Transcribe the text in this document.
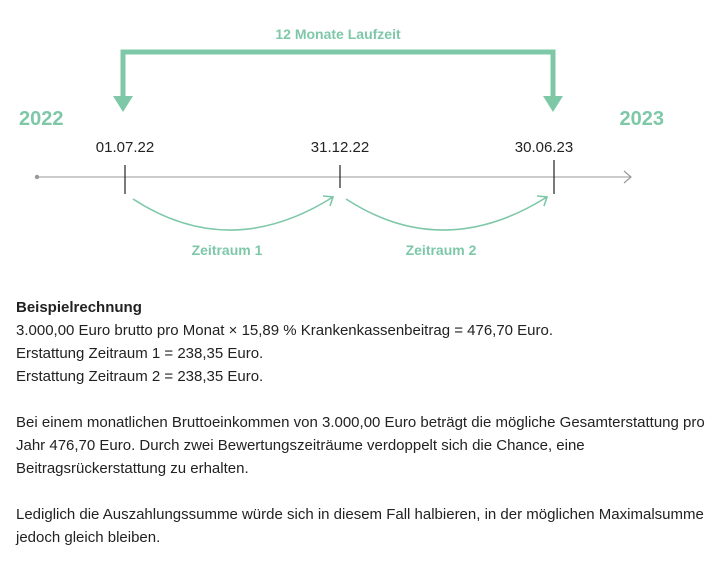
12 Monate Laufzeit
2022	2023
01.07.22	31.12.22	30.06.23
Zeitraum 1	Zeitraum 2

Beispielrechnung

3.000,00 Euro brutto pro Monat × 15,89 % Krankenkassenbeitrag = 476,70 Euro.

Erstattung Zeitraum 1 = 238,35 Euro.

Erstattung Zeitraum 2 = 238,35 Euro.

Bei einem monatlichen Bruttoeinkommen von 3.000,00 Euro beträgt die mögliche Gesamterstattung pro Jahr 476,70 Euro. Durch zwei Bewertungszeiträume verdoppelt sich die Chance, eine Beitragsrückerstattung zu erhalten.

Lediglich die Auszahlungssumme würde sich in diesem Fall halbieren, in der möglichen Maximalsumme jedoch gleich bleiben.
